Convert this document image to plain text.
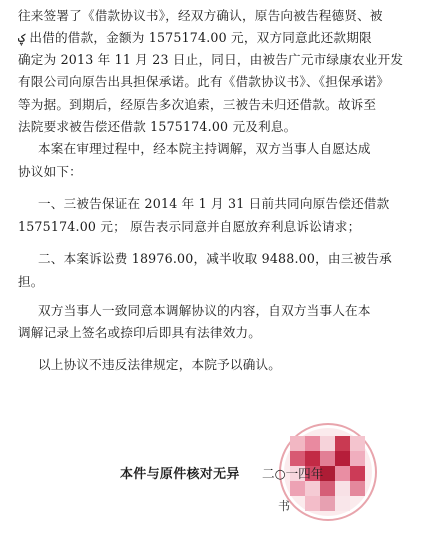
往来签署了《借款协议书》，经双方确认，原告向被告程德贤、被
ؼ 出借的借款，金额为 1575174.00 元，双方同意此还款期限
确定为 2013 年 11 月 23 日止，同日，由被告广元市绿康农业开发
有限公司向原告出具担保承诺。此有《借款协议书》、《担保承诺》
等为据。到期后，经原告多次追索，三被告未归还借款。故诉至
法院要求被告偿还借款 1575174.00 元及利息。
本案在审理过程中，经本院主持调解，双方当事人自愿达成
协议如下：
一、三被告保证在 2014 年 1 月 31 日前共同向原告偿还借款
1575174.00 元； 原告表示同意并自愿放弃利息诉讼请求；
二、本案诉讼费 18976.00，减半收取 9488.00，由三被告承
担。
双方当事人一致同意本调解协议的内容，自双方当事人在本
调解记录上签名或捺印后即具有法律效力。
以上协议不违反法律规定，本院予以确认。
本件与原件核对无异 二○一四年
书
